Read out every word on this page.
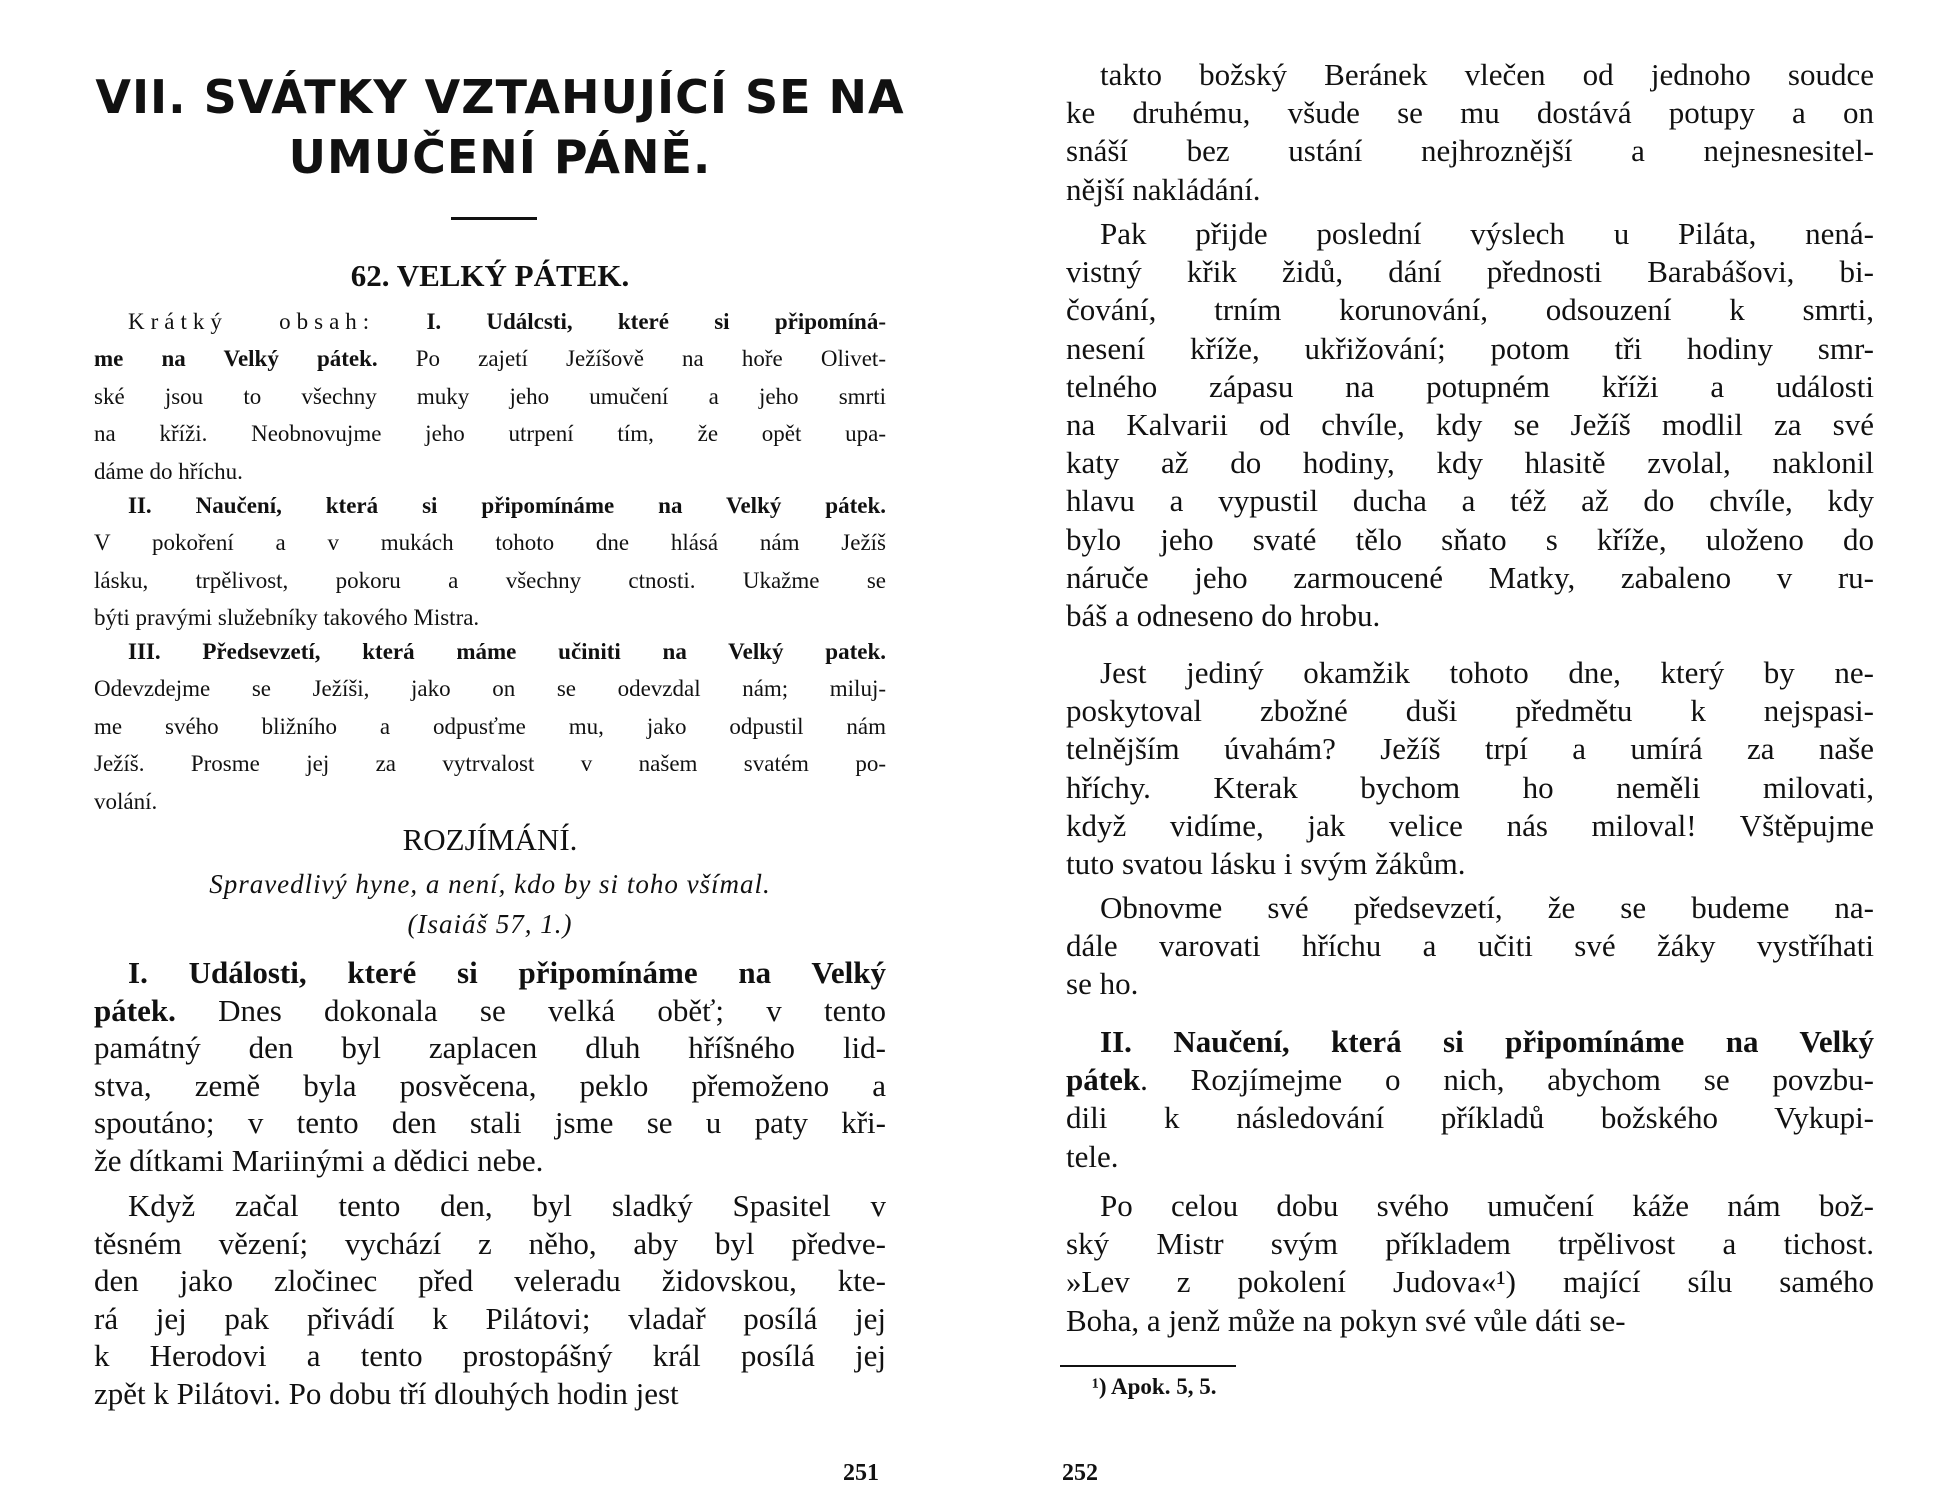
VII. SVÁTKY VZTAHUJÍCÍ SE NA
UMUČENÍ PÁNĚ.
62. VELKÝ PÁTEK.
Krátký obsah: I. Událcsti, které si připomíná-
me na Velký pátek. Po zajetí Ježíšově na hoře Olivet-
ské jsou to všechny muky jeho umučení a jeho smrti
na kříži. Neobnovujme jeho utrpení tím, že opět upa-
dáme do hříchu.
II. Naučení, která si připomínáme na Velký pátek.
V pokoření a v mukách tohoto dne hlásá nám Ježíš
lásku, trpělivost, pokoru a všechny ctnosti. Ukažme se
býti pravými služebníky takového Mistra.
III. Předsevzetí, která máme učiniti na Velký patek.
Odevzdejme se Ježíši, jako on se odevzdal nám; miluj-
me svého bližního a odpusťme mu, jako odpustil nám
Ježíš. Prosme jej za vytrvalost v našem svatém po-
volání.
ROZJÍMÁNÍ.
Spravedlivý hyne, a není, kdo by si toho všímal.
(Isaiáš 57, 1.)
I. Události, které si připomínáme na Velký
pátek. Dnes dokonala se velká oběť; v tento
památný den byl zaplacen dluh hříšného lid-
stva, země byla posvěcena, peklo přemoženo a
spoutáno; v tento den stali jsme se u paty kři-
že dítkami Mariinými a dědici nebe.
Když začal tento den, byl sladký Spasitel v
těsném vězení; vychází z něho, aby byl předve-
den jako zločinec před veleradu židovskou, kte-
rá jej pak přivádí k Pilátovi; vladař posílá jej
k Herodovi a tento prostopášný král posílá jej
zpět k Pilátovi. Po dobu tří dlouhých hodin jest
251
takto božský Beránek vlečen od jednoho soudce
ke druhému, všude se mu dostává potupy a on
snáší bez ustání nejhroznější a nejnesnesitel-
nější nakládání.
Pak přijde poslední výslech u Piláta, nená-
vistný křik židů, dání přednosti Barabášovi, bi-
čování, trním korunování, odsouzení k smrti,
nesení kříže, ukřižování; potom tři hodiny smr-
telného zápasu na potupném kříži a události
na Kalvarii od chvíle, kdy se Ježíš modlil za své
katy až do hodiny, kdy hlasitě zvolal, naklonil
hlavu a vypustil ducha a též až do chvíle, kdy
bylo jeho svaté tělo sňato s kříže, uloženo do
náruče jeho zarmoucené Matky, zabaleno v ru-
báš a odneseno do hrobu.
Jest jediný okamžik tohoto dne, který by ne-
poskytoval zbožné duši předmětu k nejspasi-
telnějším úvahám? Ježíš trpí a umírá za naše
hříchy. Kterak bychom ho neměli milovati,
když vidíme, jak velice nás miloval! Vštěpujme
tuto svatou lásku i svým žákům.
Obnovme své předsevzetí, že se budeme na-
dále varovati hříchu a učiti své žáky vystříhati
se ho.
II. Naučení, která si připomínáme na Velký
pátek. Rozjímejme o nich, abychom se povzbu-
dili k následování příkladů božského Vykupi-
tele.
Po celou dobu svého umučení káže nám bož-
ský Mistr svým příkladem trpělivost a tichost.
»Lev z pokolení Judova«¹) mající sílu samého
Boha, a jenž může na pokyn své vůle dáti se-
¹) Apok. 5, 5.
252
